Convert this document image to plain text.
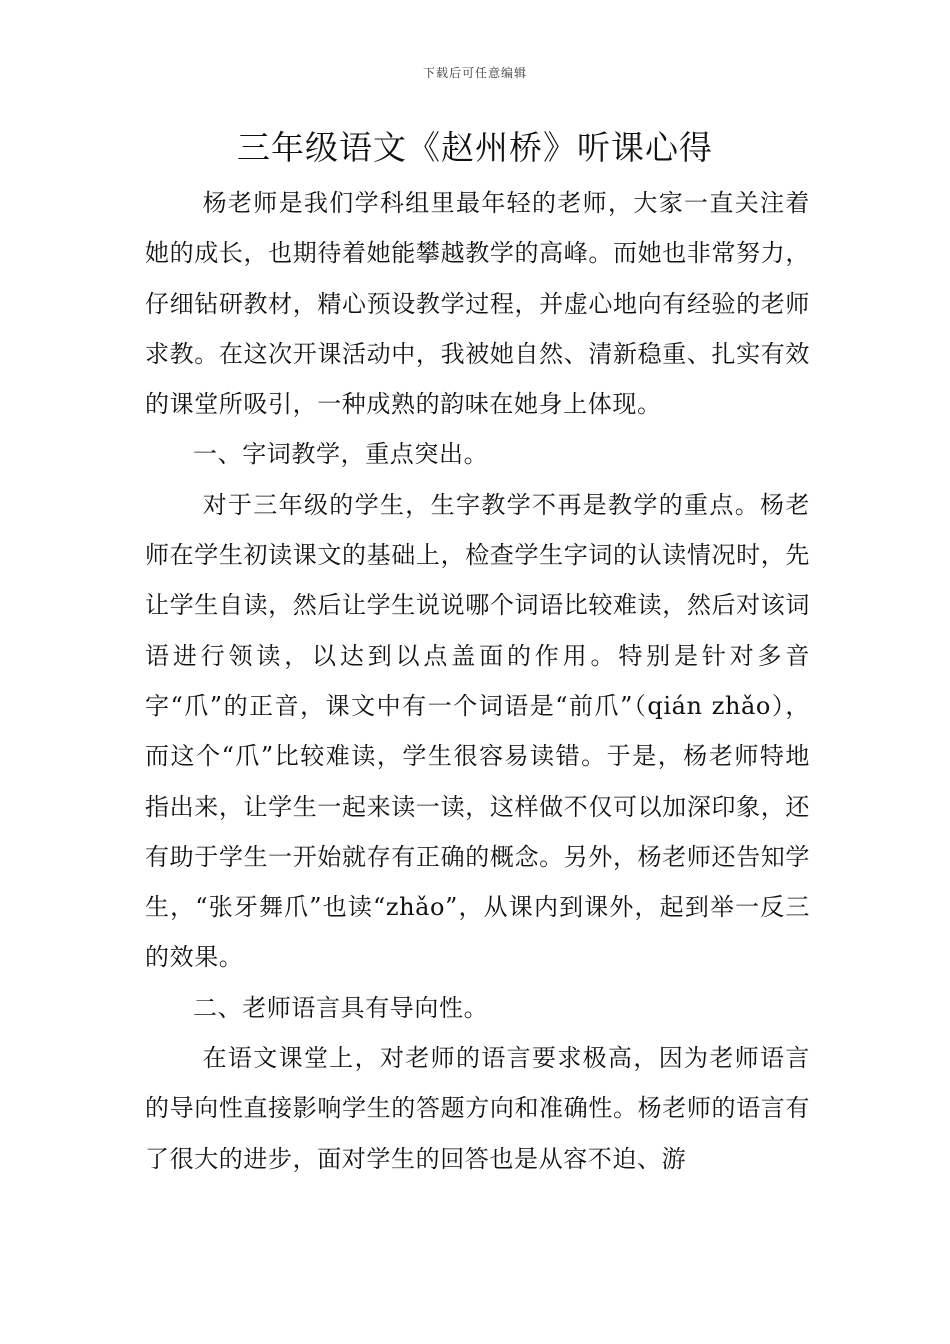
下载后可任意编辑
三年级语文《赵州桥》听课心得

杨老师是我们学科组里最年轻的老师，大家一直关注着她的成长，也期待着她能攀越教学的高峰。而她也非常努力，仔细钻研教材，精心预设教学过程，并虚心地向有经验的老师求教。在这次开课活动中，我被她自然、清新稳重、扎实有效的课堂所吸引，一种成熟的韵味在她身上体现。

一、字词教学，重点突出。

对于三年级的学生，生字教学不再是教学的重点。杨老师在学生初读课文的基础上，检查学生字词的认读情况时，先让学生自读，然后让学生说说哪个词语比较难读，然后对该词语进行领读，以达到以点盖面的作用。特别是针对多音字“爪”的正音，课文中有一个词语是“前爪”（qián zhǎo），而这个“爪”比较难读，学生很容易读错。于是，杨老师特地指出来，让学生一起来读一读，这样做不仅可以加深印象，还有助于学生一开始就存有正确的概念。另外，杨老师还告知学生，“张牙舞爪”也读“zhǎo”，从课内到课外，起到举一反三的效果。

二、老师语言具有导向性。

在语文课堂上，对老师的语言要求极高，因为老师语言的导向性直接影响学生的答题方向和准确性。杨老师的语言有了很大的进步，面对学生的回答也是从容不迫、游
